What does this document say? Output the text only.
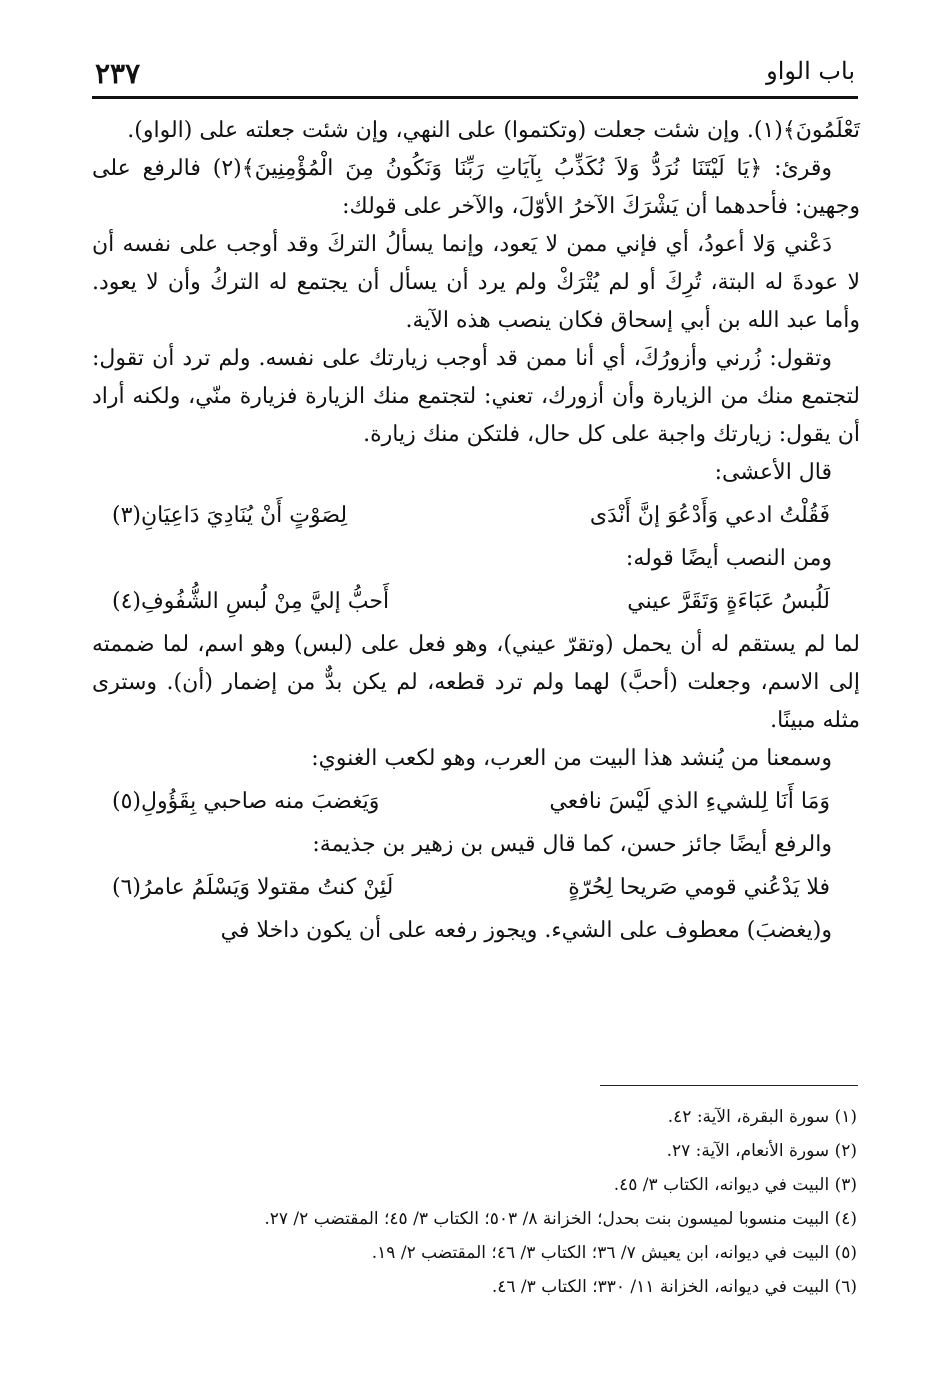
باب الواو
٢٣٧

تَعْلَمُونَ﴾(١). وإن شئت جعلت (وتكتموا) على النهي، وإن شئت جعلته على (الواو).

وقرئ: ﴿يَا لَيْتَنَا نُرَدُّ وَلاَ نُكَذِّبُ بِآيَاتِ رَبِّنَا وَنَكُونُ مِنَ الْمُؤْمِنِينَ﴾(٢) فالرفع على وجهين: فأحدهما أن يَشْرَكَ الآخرُ الأوّلَ، والآخر على قولك:

دَعْني وَلا أعودُ، أي فإني ممن لا يَعود، وإنما يسألُ التركَ وقد أوجب على نفسه أن لا عودةَ له البتة، تُرِكَ أو لم يُتْرَكْ ولم يرد أن يسأل أن يجتمع له التركُ وأن لا يعود. وأما عبد الله بن أبي إسحاق فكان ينصب هذه الآية.

وتقول: زُرني وأزورُكَ، أي أنا ممن قد أوجب زيارتك على نفسه. ولم ترد أن تقول: لتجتمع منك من الزيارة وأن أزورك، تعني: لتجتمع منك الزيارة فزيارة منّي، ولكنه أراد أن يقول: زيارتك واجبة على كل حال، فلتكن منك زيارة.

قال الأعشى:

فَقُلْتُ ادعي وَأَدْعُوَ إنَّ أَنْدَى
لِصَوْتٍ أَنْ يُنَادِيَ دَاعِيَانِ(٣)

ومن النصب أيضًا قوله:

لَلُبسُ عَبَاءَةٍ وَتَقَرَّ عيني
أَحبُّ إليَّ مِنْ لُبسِ الشُّفُوفِ(٤)

لما لم يستقم له أن يحمل (وتقرّ عيني)، وهو فعل على (لبس) وهو اسم، لما ضممته إلى الاسم، وجعلت (أحبَّ) لهما ولم ترد قطعه، لم يكن بدٌّ من إضمار (أن). وسترى مثله مبينًا.

وسمعنا من يُنشد هذا البيت من العرب، وهو لكعب الغنوي:

وَمَا أَنَا لِلشيءِ الذي لَيْسَ نافعي
وَيَغضبَ منه صاحبي بِقَؤُولِ(٥)

والرفع أيضًا جائز حسن، كما قال قيس بن زهير بن جذيمة:

فلا يَدْعُني قومي صَريحا لِحُرّةٍ
لَئِنْ كنتُ مقتولا وَيَسْلَمُ عامرُ(٦)

و(يغضبَ) معطوف على الشيء. ويجوز رفعه على أن يكون داخلا في

(١) سورة البقرة، الآية: ٤٢.
(٢) سورة الأنعام، الآية: ٢٧.
(٣) البيت في ديوانه، الكتاب ٣/ ٤٥.
(٤) البيت منسوبا لميسون بنت بحدل؛ الخزانة ٨/ ٥٠٣؛ الكتاب ٣/ ٤٥؛ المقتضب ٢/ ٢٧.
(٥) البيت في ديوانه، ابن يعيش ٧/ ٣٦؛ الكتاب ٣/ ٤٦؛ المقتضب ٢/ ١٩.
(٦) البيت في ديوانه، الخزانة ١١/ ٣٣٠؛ الكتاب ٣/ ٤٦.
